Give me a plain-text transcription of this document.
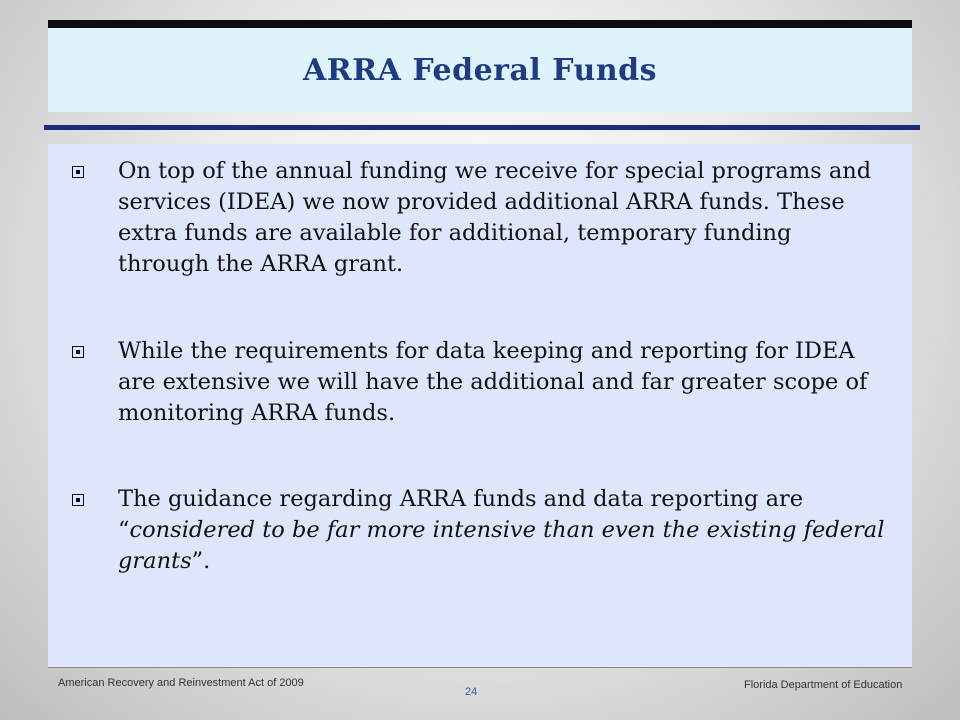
ARRA Federal Funds
On top of the annual funding we receive for special programs and services (IDEA) we now provided additional ARRA funds. These extra funds are available for additional, temporary funding through the ARRA grant.
While the requirements for data keeping and reporting for IDEA are extensive we will have the additional and far greater scope of monitoring ARRA funds.
The guidance regarding ARRA funds and data reporting are “considered to be far more intensive than even the existing federal grants”.
American Recovery and Reinvestment Act of 2009
24
Florida Department of Education
